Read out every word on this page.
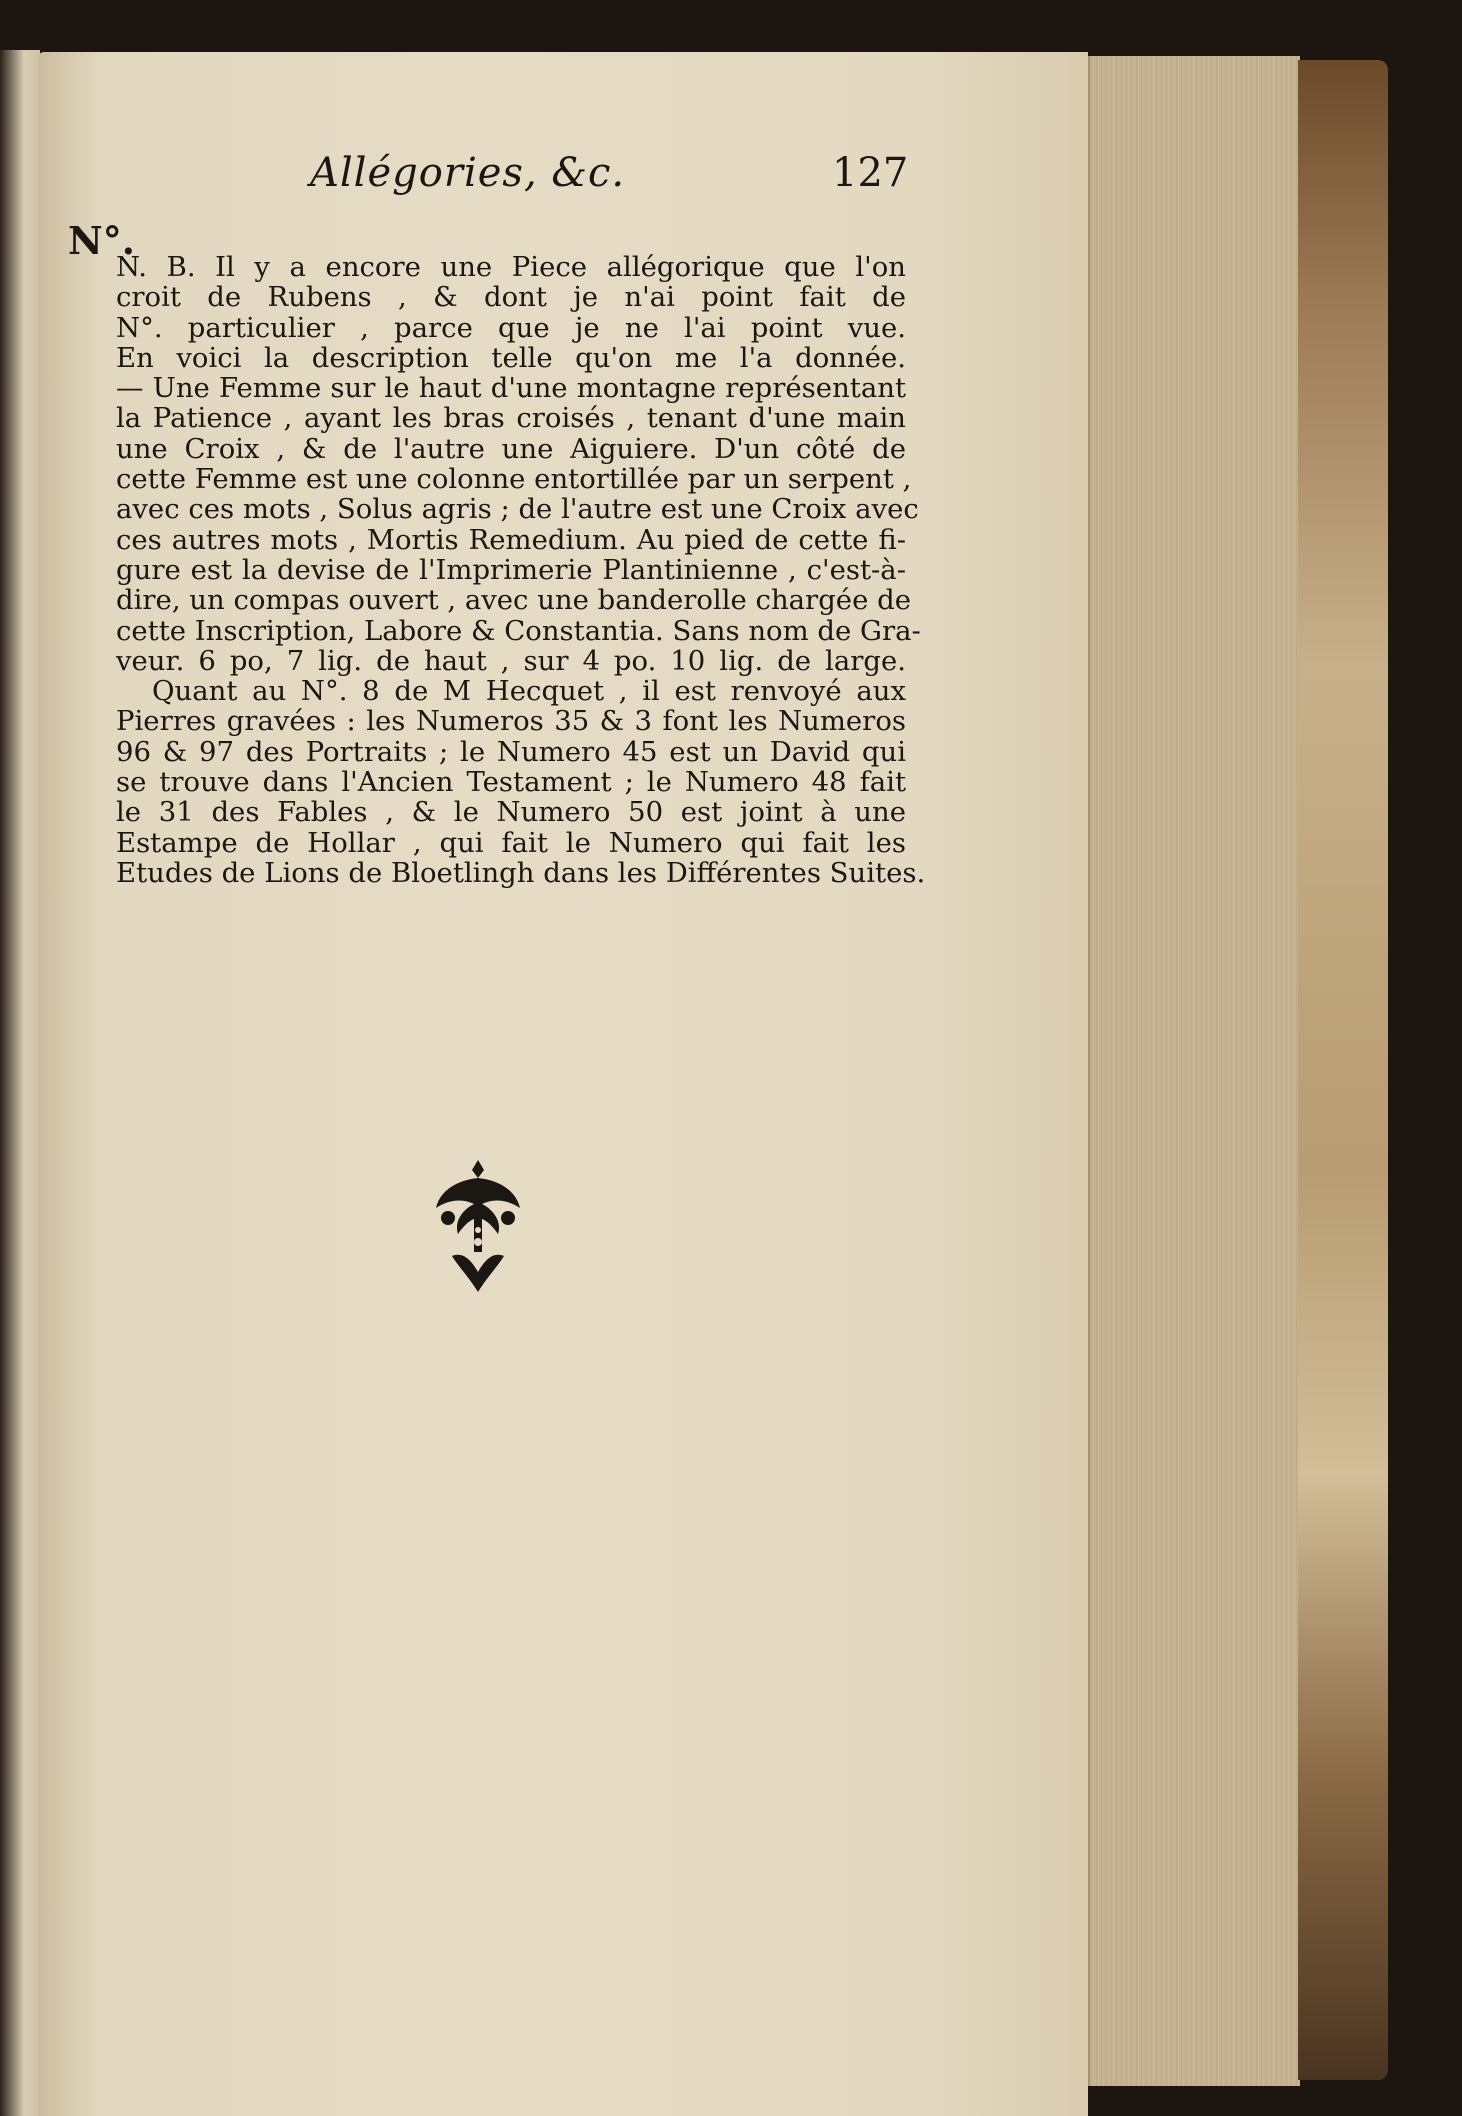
Allégories, &c.	127
N°.
N. B. Il y a encore une Piece allégorique que l'on
croit de Rubens , & dont je n'ai point fait de
N°. particulier , parce que je ne l'ai point vue.
En voici la description telle qu'on me l'a donnée.
— Une Femme sur le haut d'une montagne représentant
la Patience , ayant les bras croisés , tenant d'une main
une Croix , & de l'autre une Aiguiere. D'un côté de
cette Femme est une colonne entortillée par un serpent ,
avec ces mots , Solus agris ; de l'autre est une Croix avec
ces autres mots , Mortis Remedium. Au pied de cette fi-
gure est la devise de l'Imprimerie Plantinienne , c'est-à-
dire, un compas ouvert , avec une banderolle chargée de
cette Inscription, Labore & Constantia. Sans nom de Gra-
veur. 6 po, 7 lig. de haut , sur 4 po. 10 lig. de large.
Quant au N°. 8 de M Hecquet , il est renvoyé aux
Pierres gravées : les Numeros 35 & 3 font les Numeros
96 & 97 des Portraits ; le Numero 45 est un David qui
se trouve dans l'Ancien Testament ; le Numero 48 fait
le 31 des Fables , & le Numero 50 est joint à une
Estampe de Hollar , qui fait le Numero qui fait les
Etudes de Lions de Bloetlingh dans les Différentes Suites.
